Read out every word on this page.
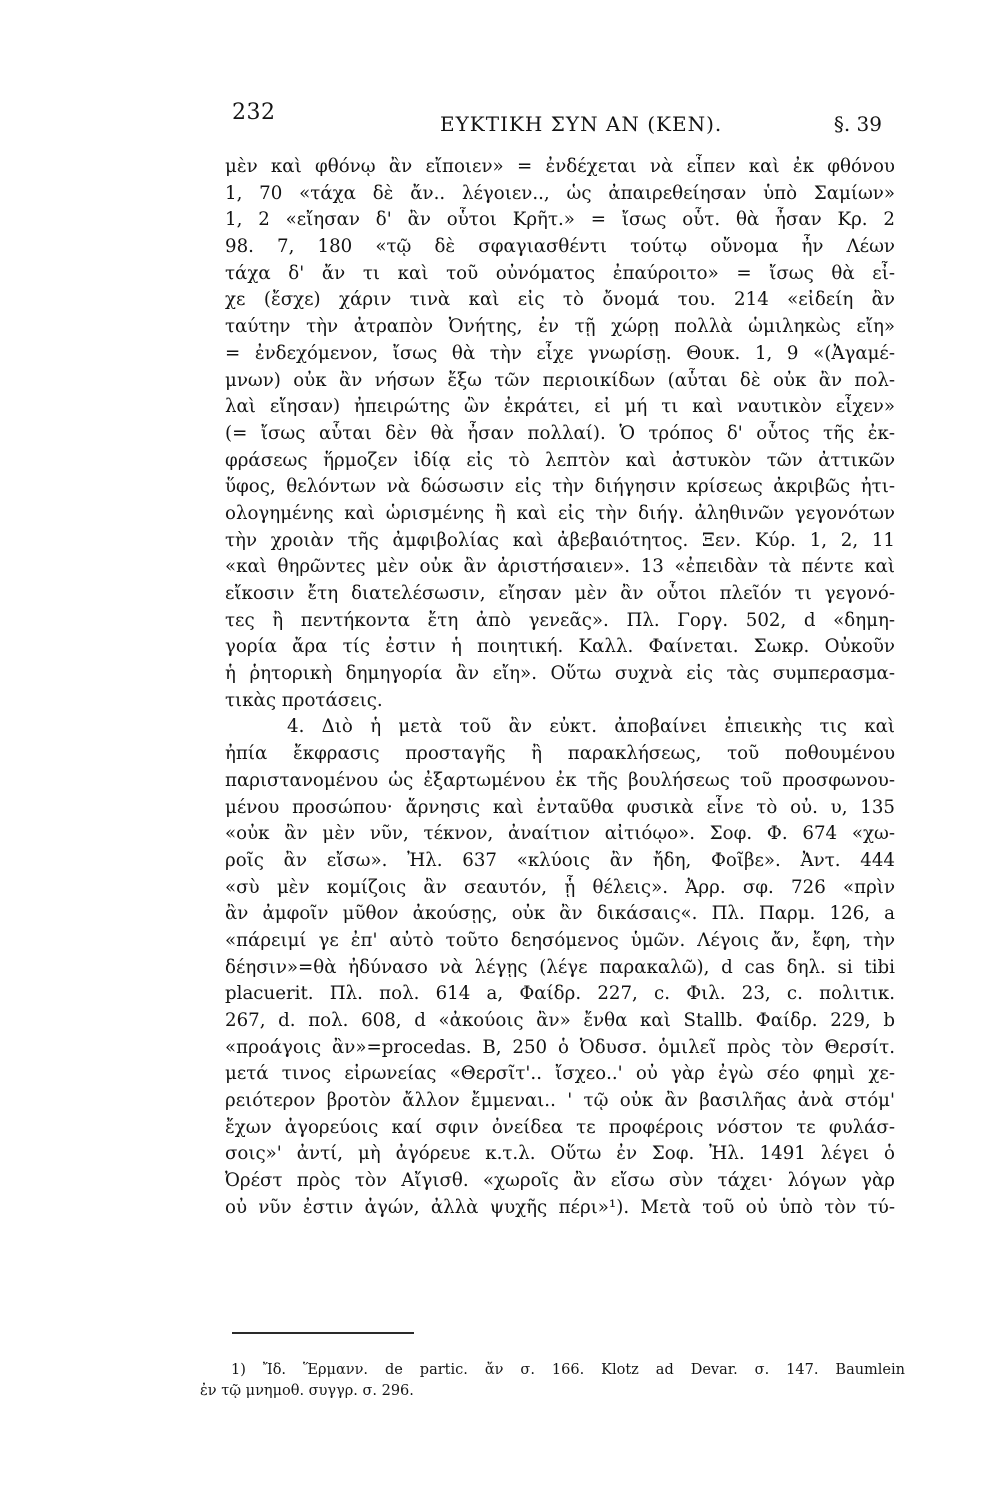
232	ΕΥΚΤΙΚΗ ΣΥΝ ΑΝ (ΚΕΝ).	§. 39
μὲν καὶ φθόνῳ ἂν εἴποιεν» = ἐνδέχεται νὰ εἶπεν καὶ ἐκ φθόνου
1, 70 «τάχα δὲ ἄν.. λέγοιεν.., ὡς ἀπαιρεθείησαν ὑπὸ Σαμίων»
1, 2 «εἴησαν δ' ἂν οὗτοι Κρῆτ.» = ἴσως οὗτ. θὰ ἦσαν Κρ. 2
98. 7, 180 «τῷ δὲ σφαγιασθέντι τούτῳ οὔνομα ἦν Λέων
τάχα δ' ἄν τι καὶ τοῦ οὐνόματος ἐπαύροιτο» = ἴσως θὰ εἶ-
χε (ἔσχε) χάριν τινὰ καὶ εἰς τὸ ὄνομά του. 214 «εἰδείη ἂν
ταύτην τὴν ἀτραπὸν Ὀνήτης, ἐν τῇ χώρῃ πολλὰ ὡμιληκὼς εἴη»
= ἐνδεχόμενον, ἴσως θὰ τὴν εἶχε γνωρίσῃ. Θουκ. 1, 9 «(Ἀγαμέ-
μνων) οὐκ ἂν νήσων ἔξω τῶν περιοικίδων (αὗται δὲ οὐκ ἂν πολ-
λαὶ εἴησαν) ἠπειρώτης ὢν ἐκράτει, εἰ μή τι καὶ ναυτικὸν εἶχεν»
(= ἴσως αὗται δὲν θὰ ἦσαν πολλαί). Ὁ τρόπος δ' οὗτος τῆς ἐκ-
φράσεως ἥρμοζεν ἰδίᾳ εἰς τὸ λεπτὸν καὶ ἀστυκὸν τῶν ἀττικῶν
ὕφος, θελόντων νὰ δώσωσιν εἰς τὴν διήγησιν κρίσεως ἀκριβῶς ἠτι-
ολογημένης καὶ ὡρισμένης ἢ καὶ εἰς τὴν διήγ. ἀληθινῶν γεγονότων
τὴν χροιὰν τῆς ἀμφιβολίας καὶ ἀβεβαιότητος. Ξεν. Κύρ. 1, 2, 11
«καὶ θηρῶντες μὲν οὐκ ἂν ἀριστήσαιεν». 13 «ἐπειδὰν τὰ πέντε καὶ
εἴκοσιν ἔτη διατελέσωσιν, εἴησαν μὲν ἂν οὗτοι πλεῖόν τι γεγονό-
τες ἢ πεντήκοντα ἔτη ἀπὸ γενεᾶς». Πλ. Γοργ. 502, d «δημη-
γορία ἄρα τίς ἐστιν ἡ ποιητική. Καλλ. Φαίνεται. Σωκρ. Οὐκοῦν
ἡ ῥητορικὴ δημηγορία ἂν εἴη». Οὕτω συχνὰ εἰς τὰς συμπερασμα-
τικὰς προτάσεις.
4. Διὸ ἡ μετὰ τοῦ ἂν εὐκτ. ἀποβαίνει ἐπιεικὴς τις καὶ
ἠπία ἔκφρασις προσταγῆς ἢ παρακλήσεως, τοῦ ποθουμένου
παριστανομένου ὡς ἐξαρτωμένου ἐκ τῆς βουλήσεως τοῦ προσφωνου-
μένου προσώπου· ἄρνησις καὶ ἐνταῦθα φυσικὰ εἶνε τὸ οὐ. υ, 135
«οὐκ ἂν μὲν νῦν, τέκνον, ἀναίτιον αἰτιόῳο». Σοφ. Φ. 674 «χω-
ροῖς ἂν εἴσω». Ἠλ. 637 «κλύοις ἂν ἤδη, Φοῖβε». Ἀντ. 444
«σὺ μὲν κομίζοις ἂν σεαυτόν, ᾗ θέλεις». Ἀρρ. σφ. 726 «πρὶν
ἂν ἀμφοῖν μῦθον ἀκούσῃς, οὐκ ἂν δικάσαις«. Πλ. Παρμ. 126, a
«πάρειμί γε ἐπ' αὐτὸ τοῦτο δεησόμενος ὑμῶν. Λέγοις ἄν, ἔφη, τὴν
δέησιν»=θὰ ἠδύνασο νὰ λέγῃς (λέγε παρακαλῶ), d cas δηλ. si tibi
placuerit. Πλ. πολ. 614 a, Φαίδρ. 227, c. Φιλ. 23, c. πολιτικ.
267, d. πολ. 608, d «ἀκούοις ἂν» ἔνθα καὶ Stallb. Φαίδρ. 229, b
«προάγοις ἂν»=procedas. B, 250 ὁ Ὀδυσσ. ὁμιλεῖ πρὸς τὸν Θερσίτ.
μετά τινος εἰρωνείας «Θερσῖτ'.. ἴσχεο..' οὐ γὰρ ἐγὼ σέο φημὶ χε-
ρειότερον βροτὸν ἄλλον ἔμμεναι.. ' τῷ οὐκ ἂν βασιλῆας ἀνὰ στόμ'
ἔχων ἀγορεύοις καί σφιν ὀνείδεα τε προφέροις νόστον τε φυλάσ-
σοις»' ἀντί, μὴ ἀγόρευε κ.τ.λ. Οὕτω ἐν Σοφ. Ἠλ. 1491 λέγει ὁ
Ὀρέστ πρὸς τὸν Αἴγισθ. «χωροῖς ἂν εἴσω σὺν τάχει· λόγων γὰρ
οὐ νῦν ἐστιν ἀγών, ἀλλὰ ψυχῆς πέρι»¹). Μετὰ τοῦ οὐ ὑπὸ τὸν τύ-
1) Ἴδ. Ἕρμανν. de partic. ἄν σ. 166. Klotz ad Devar. σ. 147. Baumlein
ἐν τῷ μνημοθ. συγγρ. σ. 296.
